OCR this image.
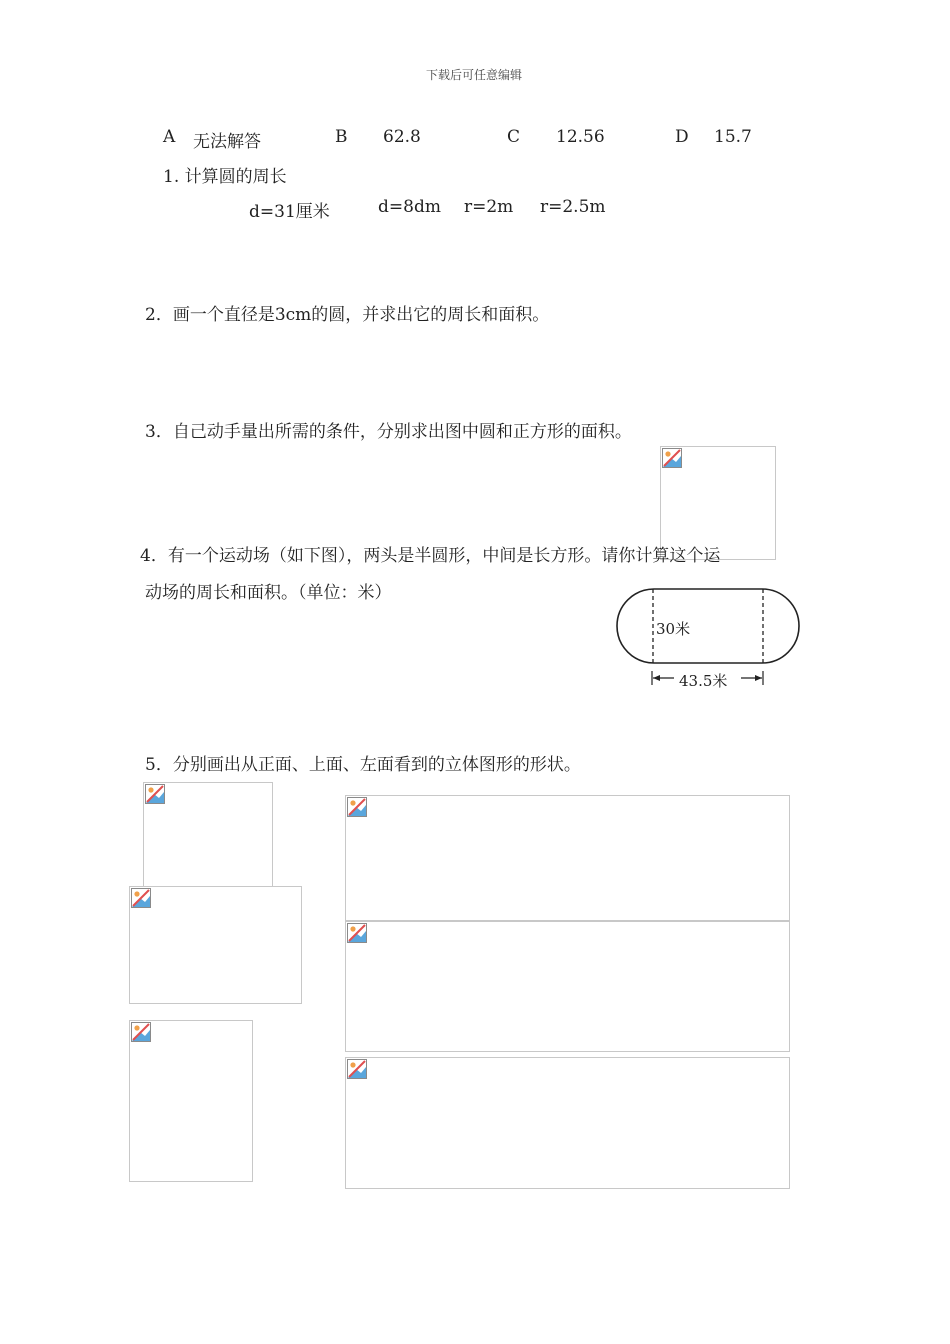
下载后可任意编辑
A 无法解答	B 62.8	C 12.56	D 15.7
1. 计算圆的周长
d=31厘米	d=8dm r=2m r=2.5m
2．画一个直径是3cm的圆，并求出它的周长和面积。
3．自己动手量出所需的条件，分别求出图中圆和正方形的面积。
4．有一个运动场（如下图），两头是半圆形，中间是长方形。请你计算这个运
动场的周长和面积。（单位：米）
30米
43.5米
5．分别画出从正面、上面、左面看到的立体图形的形状。
